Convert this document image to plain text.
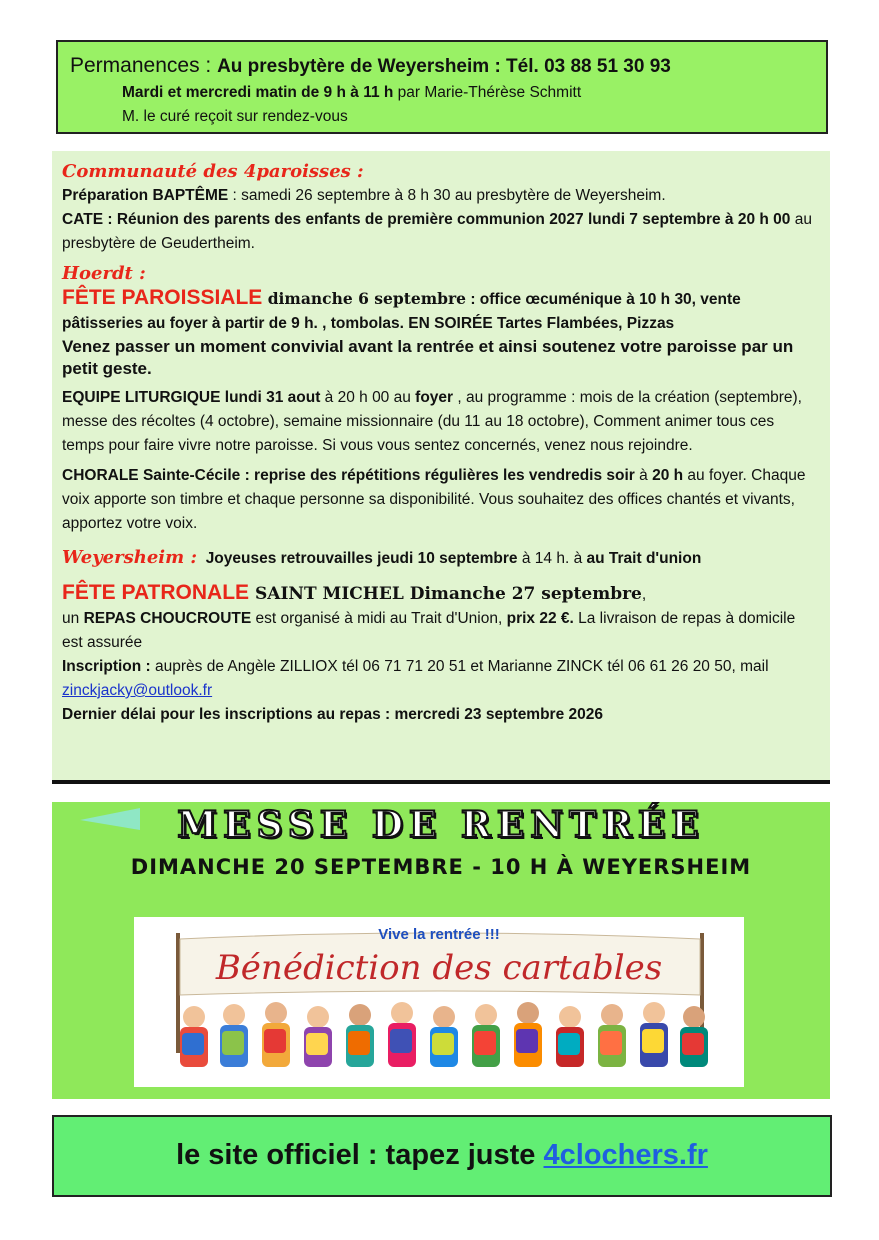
Permanences : Au presbytère de Weyersheim : Tél. 03 88 51 30 93
Mardi et mercredi matin de 9 h à 11 h par Marie-Thérèse Schmitt
M. le curé reçoit sur rendez-vous
Communauté des 4paroisses :
Préparation BAPTÊME : samedi 26 septembre à 8 h 30 au presbytère de Weyersheim.
CATE : Réunion des parents des enfants de première communion 2027 lundi 7 septembre à 20 h 00 au presbytère de Geudertheim.
Hoerdt :
FÊTE PAROISSIALE dimanche 6 septembre : office œcuménique à 10 h 30, vente pâtisseries au foyer à partir de 9 h. , tombolas. EN SOIRÉE Tartes Flambées, Pizzas
Venez passer un moment convivial avant la rentrée et ainsi soutenez votre paroisse par un petit geste.
EQUIPE LITURGIQUE lundi 31 aout à 20 h 00 au foyer , au programme : mois de la création (septembre), messe des récoltes (4 octobre), semaine missionnaire (du 11 au 18 octobre), Comment animer tous ces temps pour faire vivre notre paroisse. Si vous vous sentez concernés, venez nous rejoindre.
CHORALE Sainte-Cécile : reprise des répétitions régulières les vendredis soir à 20 h au foyer. Chaque voix apporte son timbre et chaque personne sa disponibilité. Vous souhaitez des offices chantés et vivants, apportez votre voix.
Weyersheim : Joyeuses retrouvailles jeudi 10 septembre à 14 h. à au Trait d'union
FÊTE PATRONALE SAINT MICHEL Dimanche 27 septembre,
un REPAS CHOUCROUTE est organisé à midi au Trait d'Union, prix 22 €. La livraison de repas à domicile est assurée
Inscription : auprès de Angèle ZILLIOX tél 06 71 71 20 51 et Marianne ZINCK tél 06 61 26 20 50, mail zinckjacky@outlook.fr
Dernier délai pour les inscriptions au repas : mercredi 23 septembre 2026
MESSE DE RENTRÉE
DIMANCHE 20 SEPTEMBRE - 10 H À WEYERSHEIM
Vive la rentrée !!!
Bénédiction des cartables
le site officiel : tapez juste 4clochers.fr
